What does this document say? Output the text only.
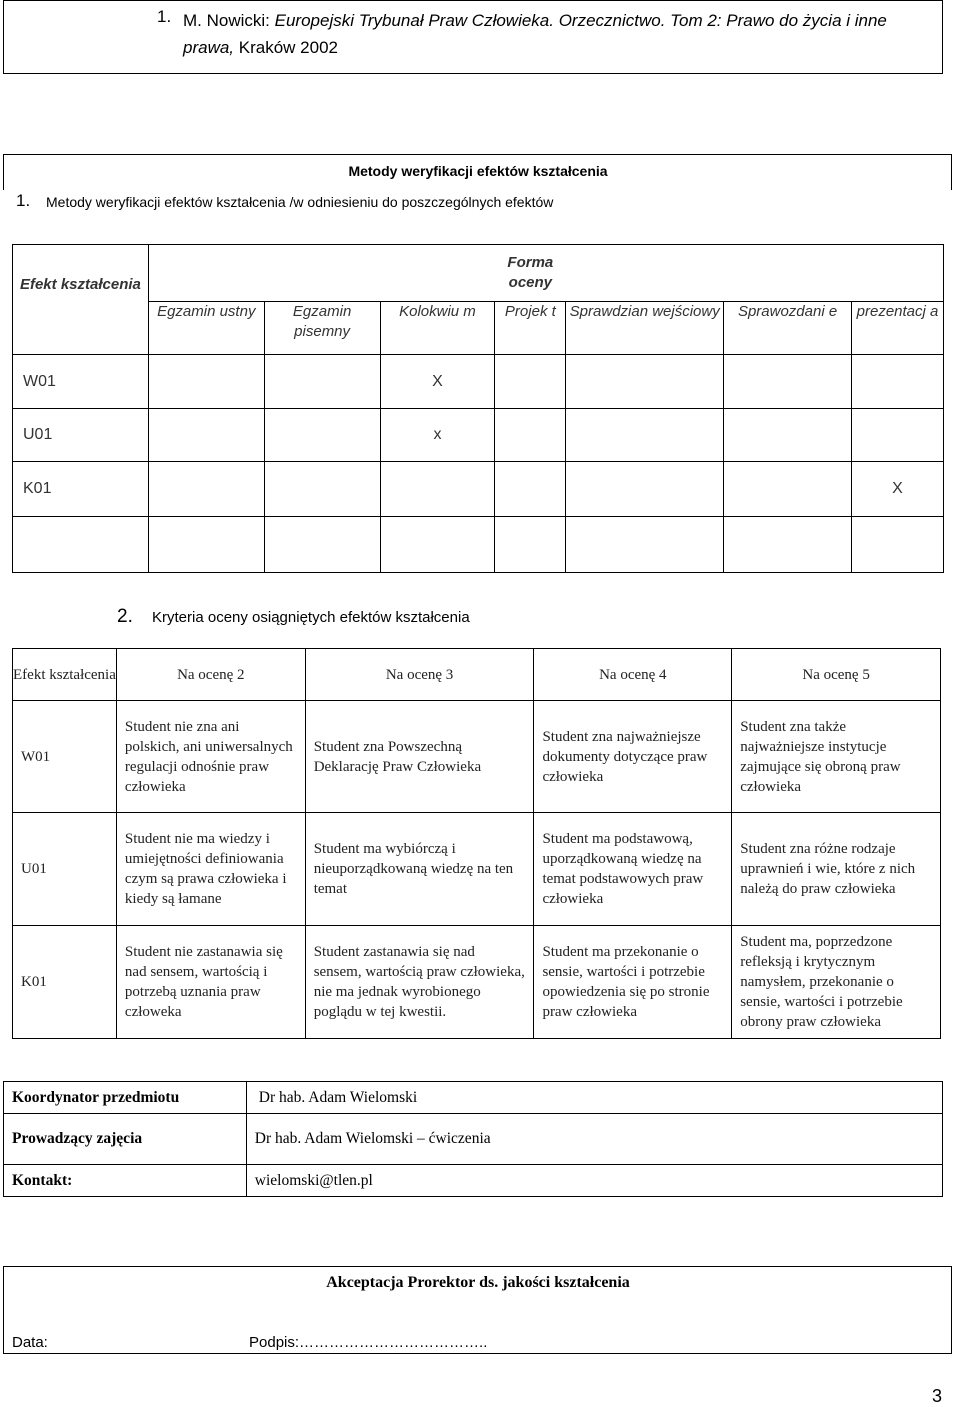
1. M. Nowicki: Europejski Trybunał Praw Człowieka. Orzecznictwo. Tom 2: Prawo do życia i inne prawa, Kraków 2002
Metody weryfikacji efektów kształcenia
1. Metody weryfikacji efektów kształcenia /w odniesieniu do poszczególnych efektów
Efekt kształcenia				Forma oceny			
	Egzamin ustny	Egzamin pisemny	Kolokwiu m	Projek t	Sprawdzian wejściowy	Sprawozdani e	prezentacj a
W01			X				
U01			x				
K01							X

2. Kryteria oceny osiągniętych efektów kształcenia
Efekt kształcenia	Na ocenę 2	Na ocenę 3	Na ocenę 4	Na ocenę 5
W01	Student nie zna ani polskich, ani uniwersalnych regulacji odnośnie praw człowieka	Student zna Powszechną Deklarację Praw Człowieka	Student zna najważniejsze dokumenty dotyczące praw człowieka	Student zna także najważniejsze instytucje zajmujące się obroną praw człowieka
U01	Student nie ma wiedzy i umiejętności definiowania czym są prawa człowieka i kiedy są łamane	Student ma wybiórczą i nieuporządkowaną wiedzę na ten temat	Student ma podstawową, uporządkowaną wiedzę na temat podstawowych praw człowieka	Student zna różne rodzaje uprawnień i wie, które z nich należą do praw człowieka
K01	Student nie zastanawia się nad sensem, wartością i potrzebą uznania praw człoweka	Student zastanawia się nad sensem, wartością praw człowieka, nie ma jednak wyrobionego poglądu w tej kwestii.	Student ma przekonanie o sensie, wartości i potrzebie opowiedzenia się po stronie praw człowieka	Student ma, poprzedzone refleksją i krytycznym namysłem, przekonanie o sensie, wartości i potrzebie obrony praw człowieka
Koordynator przedmiotu	Dr hab. Adam Wielomski
Prowadzący zajęcia	Dr hab. Adam Wielomski – ćwiczenia
Kontakt:	wielomski@tlen.pl
Akceptacja Prorektor ds. jakości kształcenia
Data:	Podpis:………………………………..
3
